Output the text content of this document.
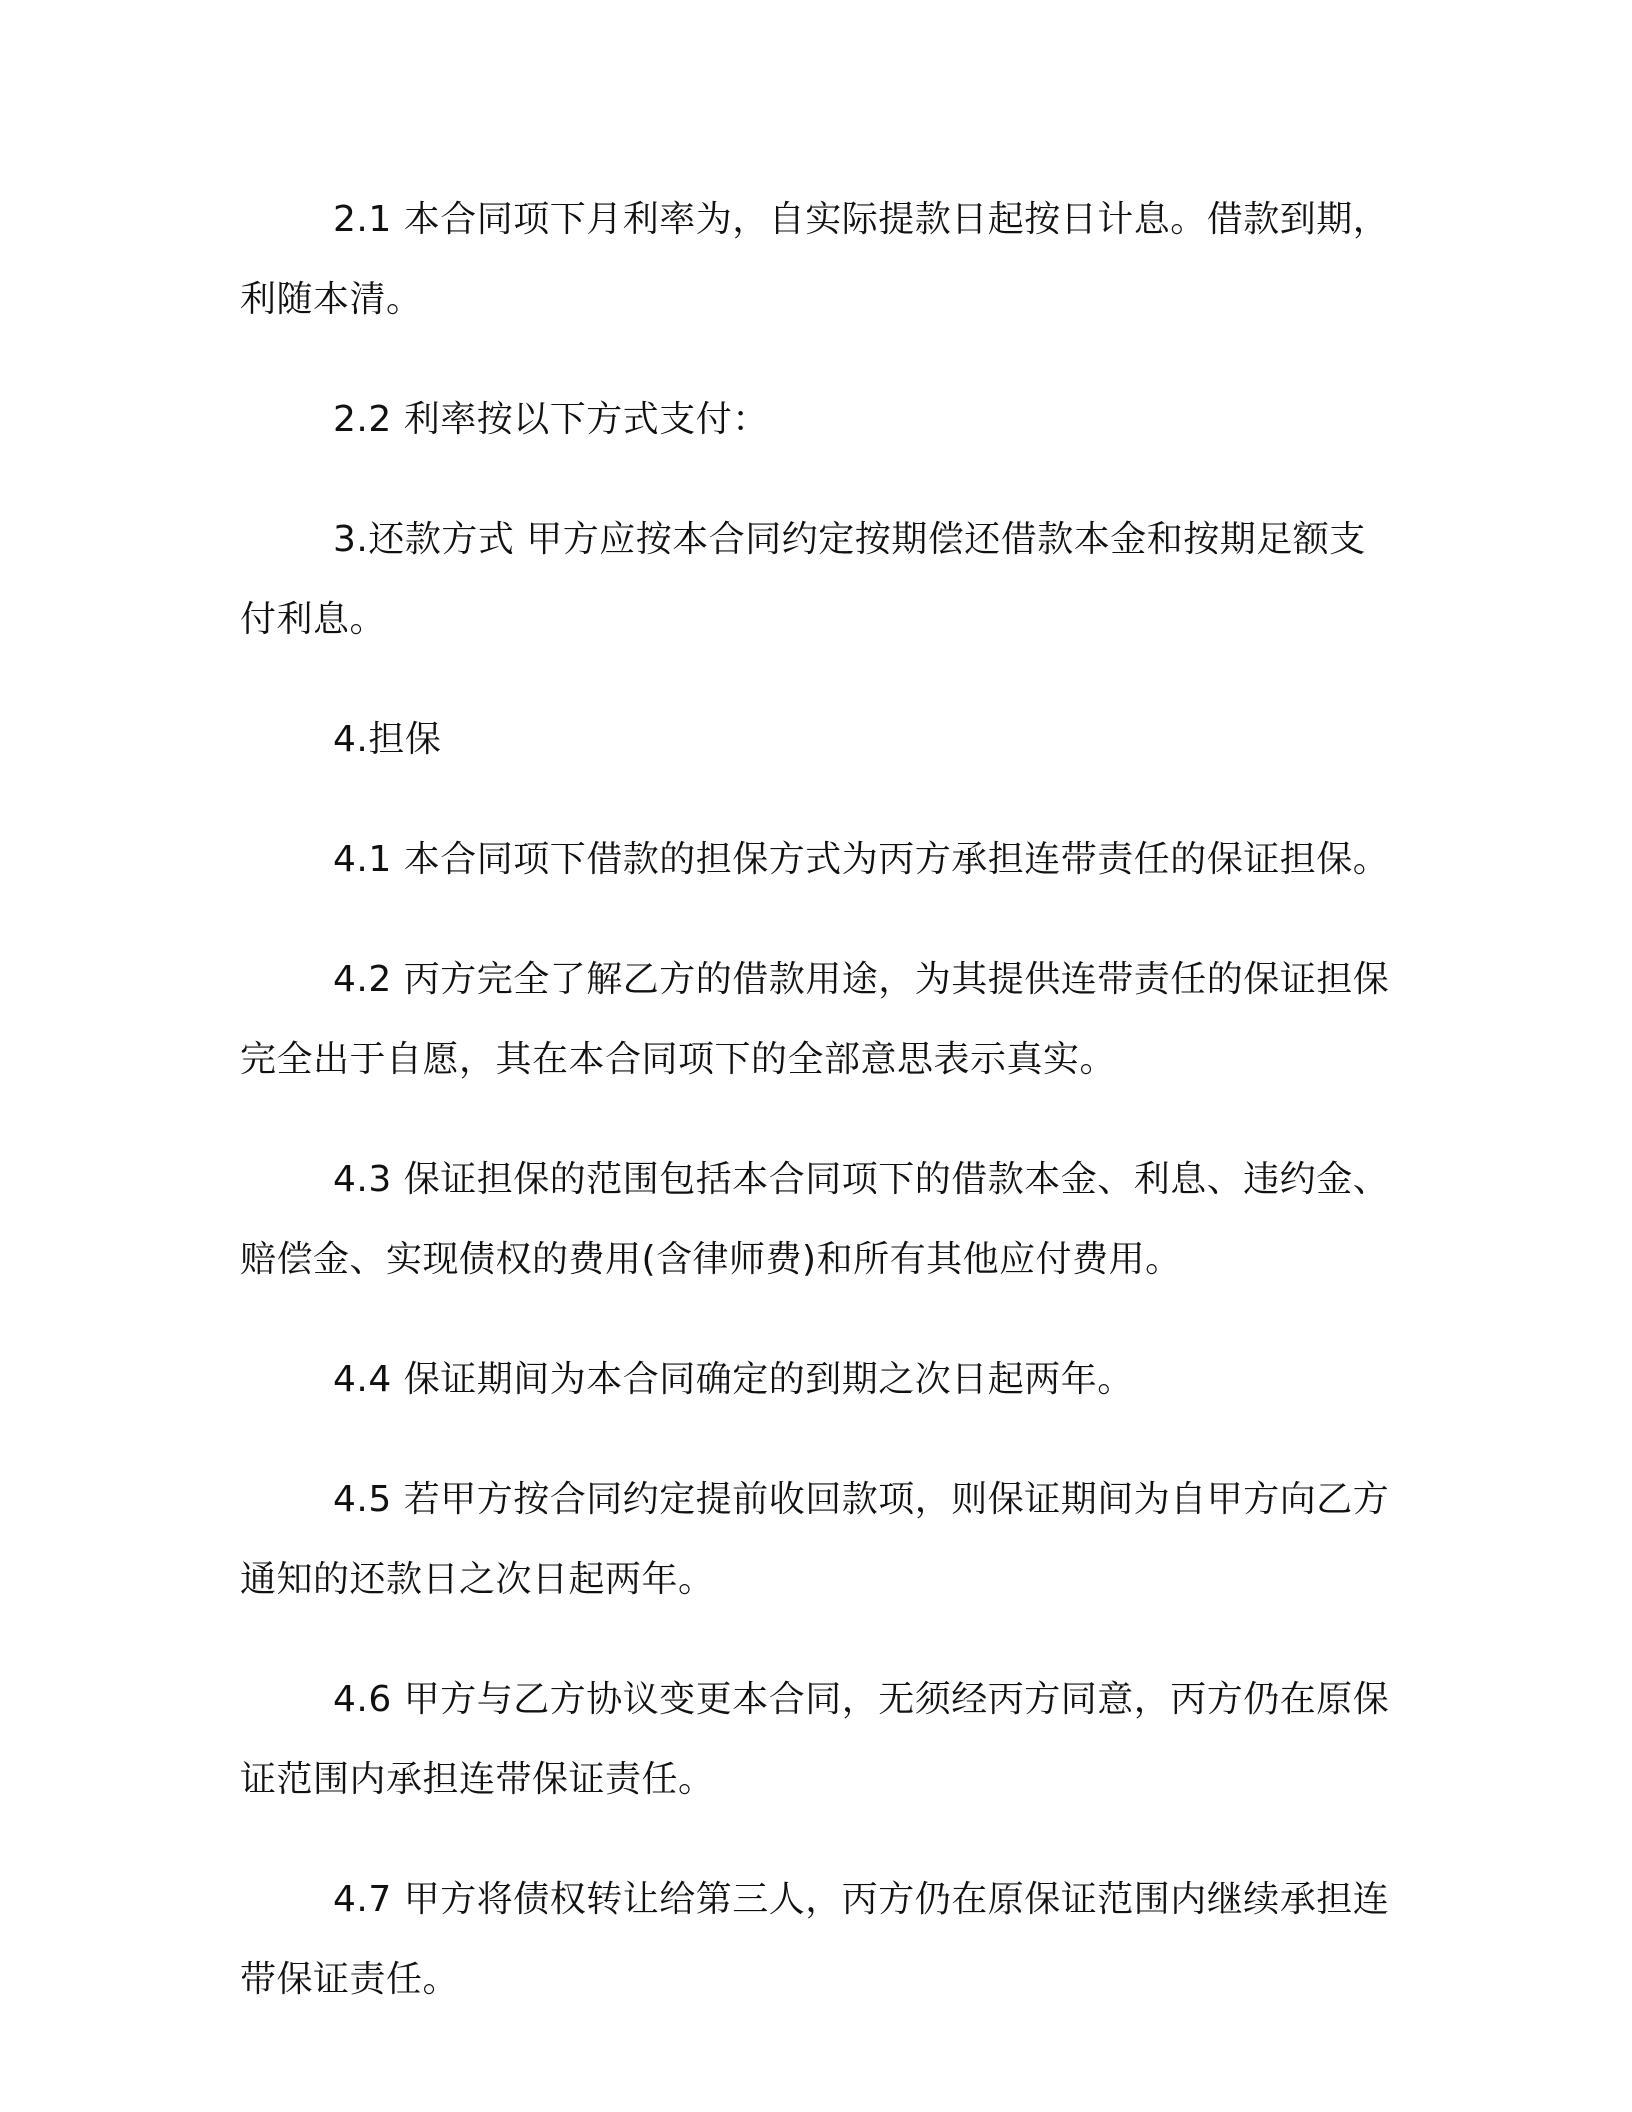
2.1 本合同项下月利率为，自实际提款日起按日计息。借款到期，利随本清。

2.2 利率按以下方式支付：

3.还款方式 甲方应按本合同约定按期偿还借款本金和按期足额支付利息。

4.担保

4.1 本合同项下借款的担保方式为丙方承担连带责任的保证担保。

4.2 丙方完全了解乙方的借款用途，为其提供连带责任的保证担保完全出于自愿，其在本合同项下的全部意思表示真实。

4.3 保证担保的范围包括本合同项下的借款本金、利息、违约金、赔偿金、实现债权的费用(含律师费)和所有其他应付费用。

4.4 保证期间为本合同确定的到期之次日起两年。

4.5 若甲方按合同约定提前收回款项，则保证期间为自甲方向乙方通知的还款日之次日起两年。

4.6 甲方与乙方协议变更本合同，无须经丙方同意，丙方仍在原保证范围内承担连带保证责任。

4.7 甲方将债权转让给第三人，丙方仍在原保证范围内继续承担连带保证责任。
